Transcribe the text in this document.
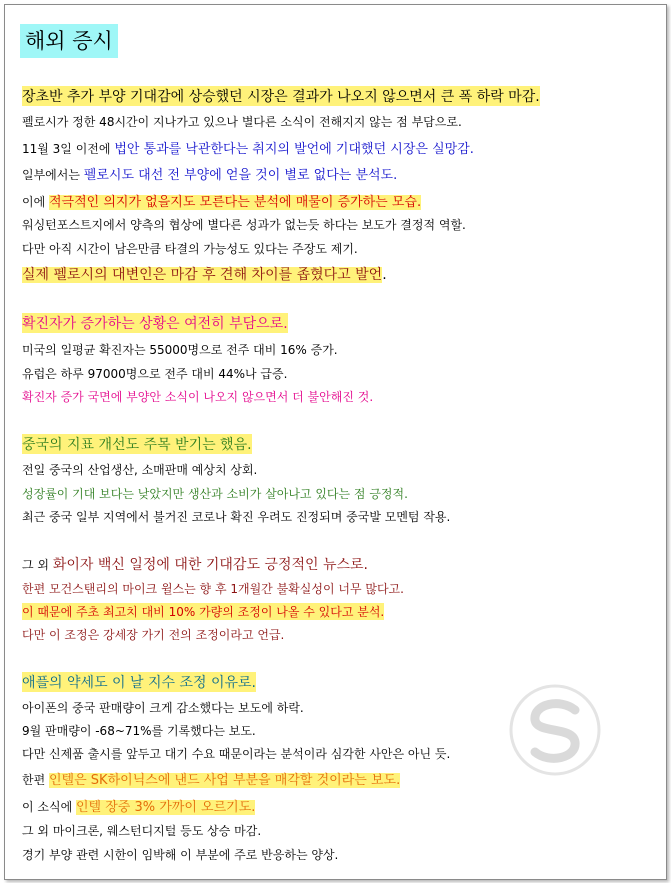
해외 증시
장초반 추가 부양 기대감에 상승했던 시장은 결과가 나오지 않으면서 큰 폭 하락 마감.
펠로시가 정한 48시간이 지나가고 있으나 별다른 소식이 전해지지 않는 점 부담으로.
11월 3일 이전에 법안 통과를 낙관한다는 취지의 발언에 기대했던 시장은 실망감.
일부에서는 펠로시도 대선 전 부양에 얻을 것이 별로 없다는 분석도.
이에 적극적인 의지가 없을지도 모른다는 분석에 매물이 증가하는 모습.
워싱턴포스트지에서 양측의 협상에 별다른 성과가 없는듯 하다는 보도가 결정적 역할.
다만 아직 시간이 남은만큼 타결의 가능성도 있다는 주장도 제기.
실제 펠로시의 대변인은 마감 후 견해 차이를 좁혔다고 발언.
확진자가 증가하는 상황은 여전히 부담으로.
미국의 일평균 확진자는 55000명으로 전주 대비 16% 증가.
유럽은 하루 97000명으로 전주 대비 44%나 급증.
확진자 증가 국면에 부양안 소식이 나오지 않으면서 더 불안해진 것.
중국의 지표 개선도 주목 받기는 했음.
전일 중국의 산업생산, 소매판매 예상치 상회.
성장률이 기대 보다는 낮았지만 생산과 소비가 살아나고 있다는 점 긍정적.
최근 중국 일부 지역에서 불거진 코로나 확진 우려도 진정되며 중국발 모멘텀 작용.
그 외 화이자 백신 일정에 대한 기대감도 긍정적인 뉴스로.
한편 모건스탠리의 마이크 윌스는 향 후 1개월간 불확실성이 너무 많다고.
이 때문에 주초 최고치 대비 10% 가량의 조정이 나올 수 있다고 분석.
다만 이 조정은 강세장 가기 전의 조정이라고 언급.
애플의 약세도 이 날 지수 조정 이유로.
아이폰의 중국 판매량이 크게 감소했다는 보도에 하락.
9월 판매량이 -68~71%를 기록했다는 보도.
다만 신제품 출시를 앞두고 대기 수요 때문이라는 분석이라 심각한 사안은 아닌 듯.
한편 인텔은 SK하이닉스에 낸드 사업 부분을 매각할 것이라는 보도.
이 소식에 인텔 장중 3% 가까이 오르기도.
그 외 마이크론, 웨스턴디지털 등도 상승 마감.
경기 부양 관련 시한이 임박해 이 부분에 주로 반응하는 양상.
